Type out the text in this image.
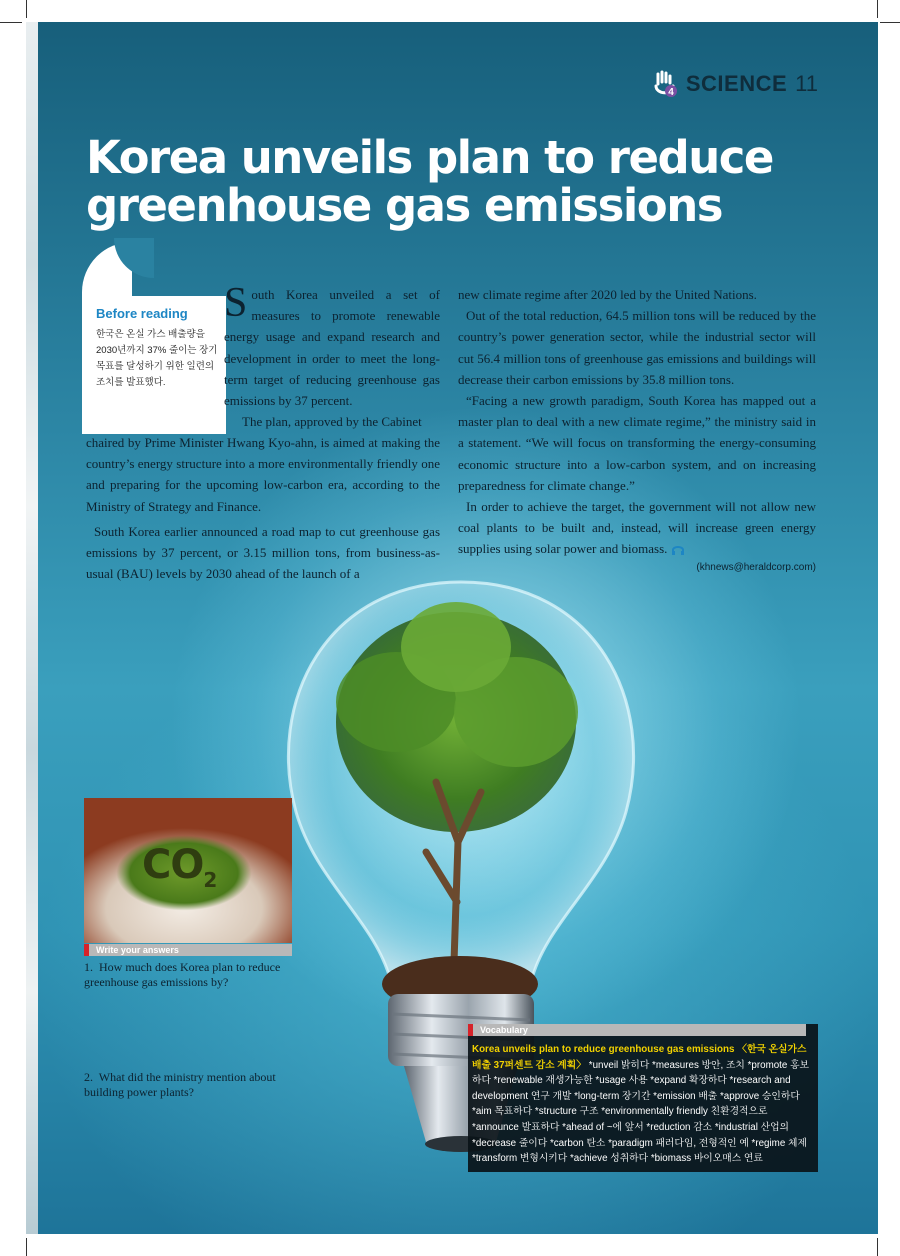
4 SCIENCE 11
Korea unveils plan to reduce greenhouse gas emissions
Before reading
한국은 온실 가스 배출량을 2030년까지 37% 줄이는 장기 목표를 달성하기 위한 일련의 조치를 발표했다.

South Korea unveiled a set of measures to promote renewable energy usage and expand research and development in order to meet the long-term target of reducing greenhouse gas emissions by 37 percent.

The plan, approved by the Cabinet

chaired by Prime Minister Hwang Kyo-ahn, is aimed at making the country’s energy structure into a more environmentally friendly one and preparing for the upcoming low-carbon era, according to the Ministry of Strategy and Finance.

South Korea earlier announced a road map to cut greenhouse gas emissions by 37 percent, or 3.15 million tons, from business-as-usual (BAU) levels by 2030 ahead of the launch of a

new climate regime after 2020 led by the United Nations.

Out of the total reduction, 64.5 million tons will be reduced by the country’s power generation sector, while the industrial sector will cut 56.4 million tons of greenhouse gas emissions and buildings will decrease their carbon emissions by 35.8 million tons.

“Facing a new growth paradigm, South Korea has mapped out a master plan to deal with a new climate regime,” the ministry said in a statement. “We will focus on transforming the energy-consuming economic structure into a low-carbon system, and on increasing preparedness for climate change.”

In order to achieve the target, the government will not allow new coal plants to be built and, instead, will increase green energy supplies using solar power and biomass.

(khnews@heraldcorp.com)
$CO_2$
Write your answers
1. How much does Korea plan to reduce greenhouse gas emissions by?
2. What did the ministry mention about building power plants?
Vocabulary
Korea unveils plan to reduce greenhouse gas emissions 〈한국 온실가스 배출 37퍼센트 감소 계획〉 *unveil 밝히다 *measures 방안, 조치 *promote 홍보하다 *renewable 재생가능한 *usage 사용 *expand 확장하다 *research and development 연구 개발 *long-term 장기간 *emission 배출 *approve 승인하다 *aim 목표하다 *structure 구조 *environmentally friendly 친환경적으로 *announce 발표하다 *ahead of ~에 앞서 *reduction 감소 *industrial 산업의 *decrease 줄이다 *carbon 탄소 *paradigm 패러다임, 전형적인 예 *regime 체제 *transform 변형시키다 *achieve 성취하다 *biomass 바이오매스 연료
